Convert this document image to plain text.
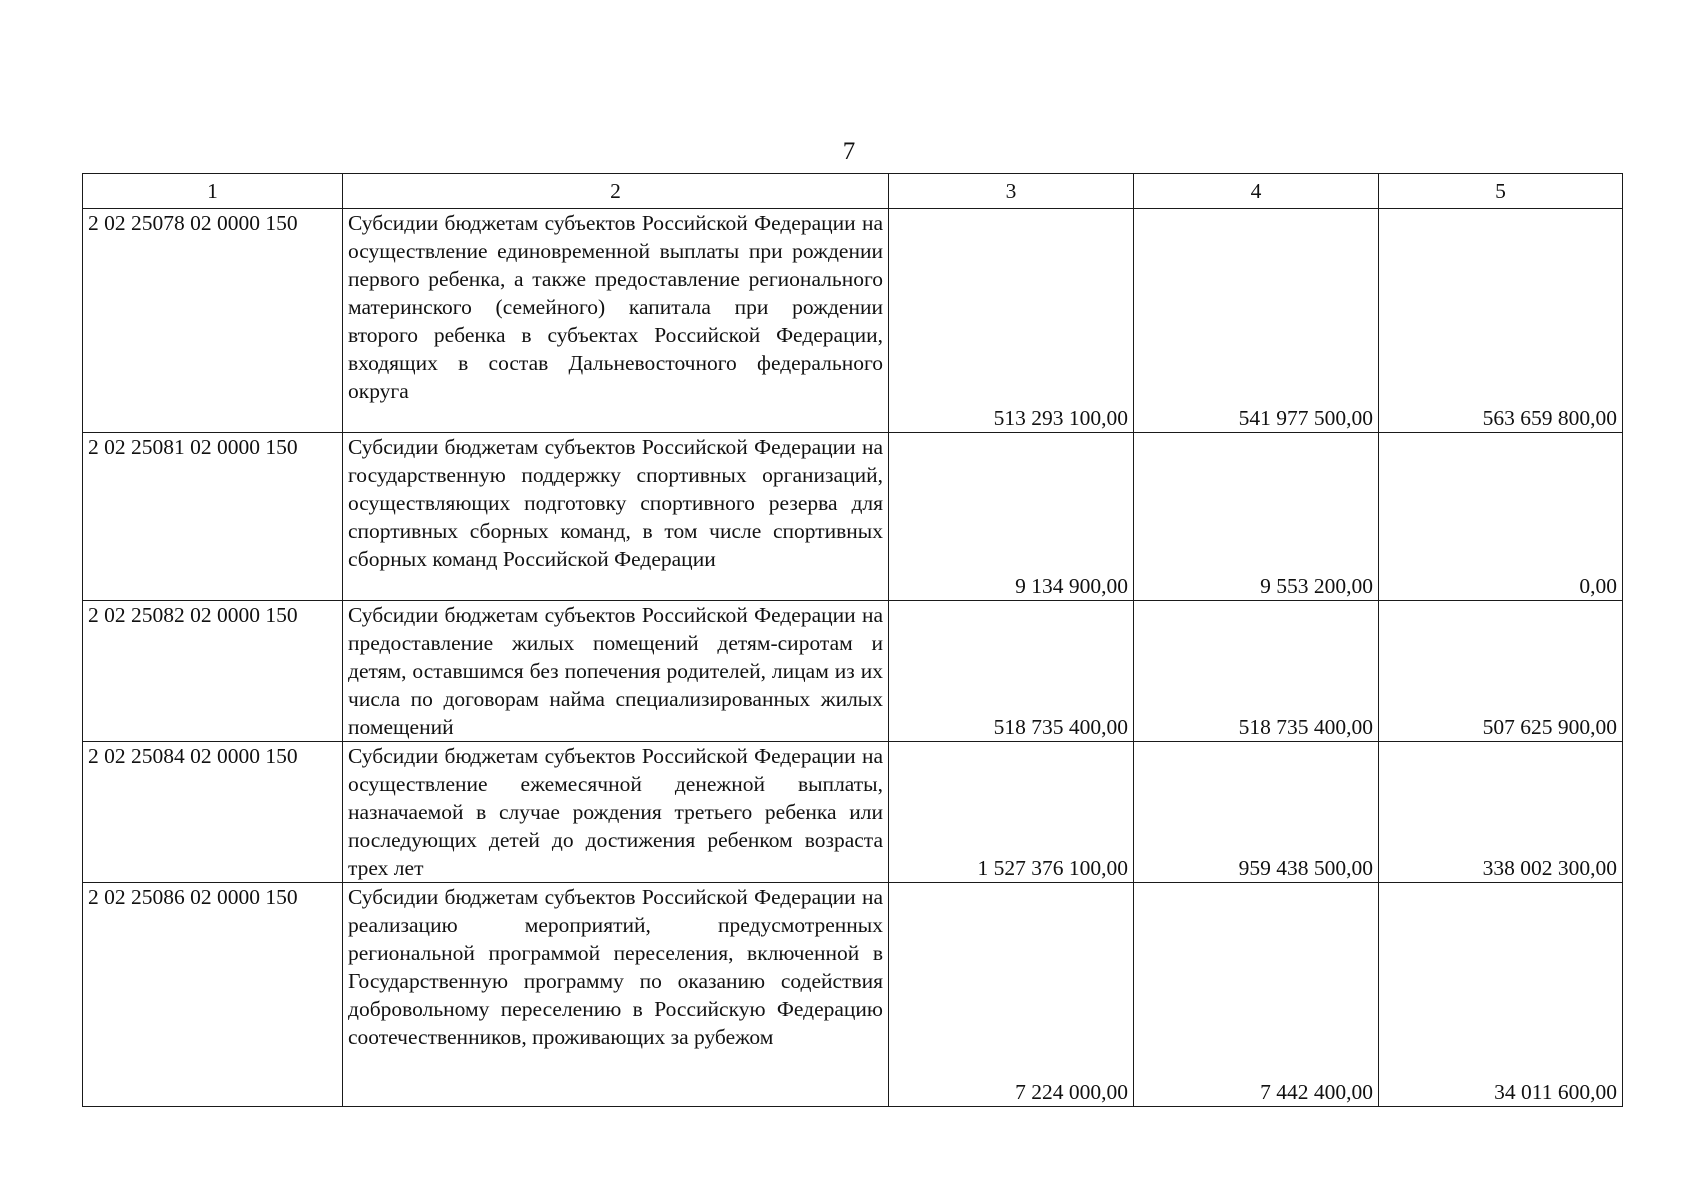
7
1	2	3	4	5
2 02 25078 02 0000 150	Субсидии бюджетам субъектов Российской Федерации на осуществление единовременной выплаты при рождении первого ребенка, а также предоставление регионального материнского (семейного) капитала при рождении второго ребенка в субъектах Российской Федерации, входящих в состав Дальневосточного федерального округа	513 293 100,00	541 977 500,00	563 659 800,00
2 02 25081 02 0000 150	Субсидии бюджетам субъектов Российской Федерации на государственную поддержку спортивных организаций, осуществляющих подготовку спортивного резерва для спортивных сборных команд, в том числе спортивных сборных команд Российской Федерации	9 134 900,00	9 553 200,00	0,00
2 02 25082 02 0000 150	Субсидии бюджетам субъектов Российской Федерации на предоставление жилых помещений детям-сиротам и детям, оставшимся без попечения родителей, лицам из их числа по договорам найма специализированных жилых помещений	518 735 400,00	518 735 400,00	507 625 900,00
2 02 25084 02 0000 150	Субсидии бюджетам субъектов Российской Федерации на осуществление ежемесячной денежной выплаты, назначаемой в случае рождения третьего ребенка или последующих детей до достижения ребенком возраста трех лет	1 527 376 100,00	959 438 500,00	338 002 300,00
2 02 25086 02 0000 150	Субсидии бюджетам субъектов Российской Федерации на реализацию мероприятий, предусмотренных региональной программой переселения, включенной в Государственную программу по оказанию содействия добровольному переселению в Российскую Федерацию соотечественников, проживающих за рубежом	7 224 000,00	7 442 400,00	34 011 600,00
